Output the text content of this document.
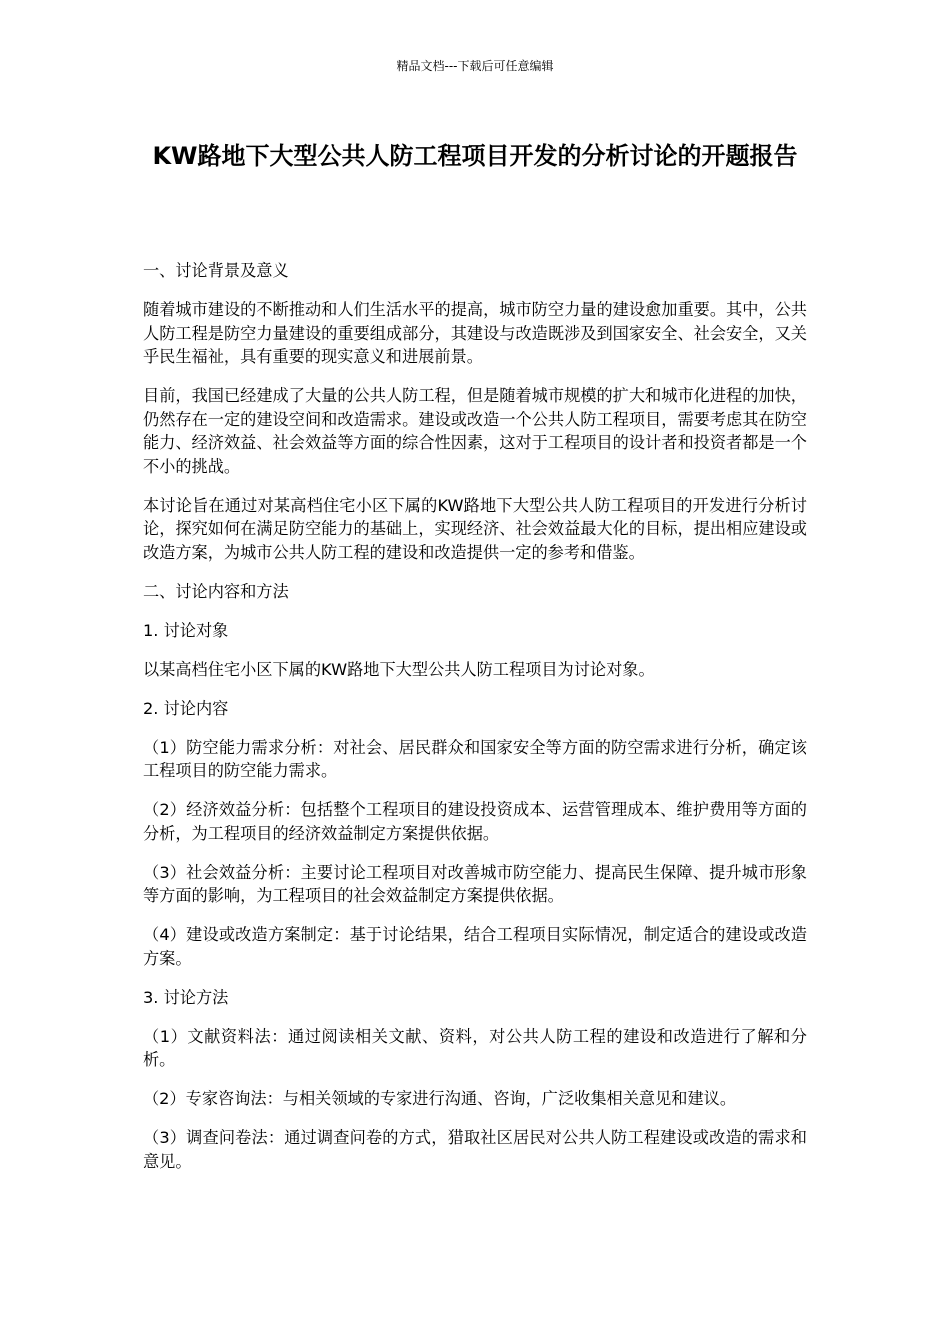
精品文档---下载后可任意编辑
KW路地下大型公共人防工程项目开发的分析讨论的开题报告

一、讨论背景及意义

随着城市建设的不断推动和人们生活水平的提高，城市防空力量的建设愈加重要。其中，公共人防工程是防空力量建设的重要组成部分，其建设与改造既涉及到国家安全、社会安全，又关乎民生福祉，具有重要的现实意义和进展前景。

目前，我国已经建成了大量的公共人防工程，但是随着城市规模的扩大和城市化进程的加快，仍然存在一定的建设空间和改造需求。建设或改造一个公共人防工程项目，需要考虑其在防空能力、经济效益、社会效益等方面的综合性因素，这对于工程项目的设计者和投资者都是一个不小的挑战。

本讨论旨在通过对某高档住宅小区下属的KW路地下大型公共人防工程项目的开发进行分析讨论，探究如何在满足防空能力的基础上，实现经济、社会效益最大化的目标，提出相应建设或改造方案，为城市公共人防工程的建设和改造提供一定的参考和借鉴。

二、讨论内容和方法

1. 讨论对象

以某高档住宅小区下属的KW路地下大型公共人防工程项目为讨论对象。

2. 讨论内容

（1）防空能力需求分析：对社会、居民群众和国家安全等方面的防空需求进行分析，确定该工程项目的防空能力需求。

（2）经济效益分析：包括整个工程项目的建设投资成本、运营管理成本、维护费用等方面的分析，为工程项目的经济效益制定方案提供依据。

（3）社会效益分析：主要讨论工程项目对改善城市防空能力、提高民生保障、提升城市形象等方面的影响，为工程项目的社会效益制定方案提供依据。

（4）建设或改造方案制定：基于讨论结果，结合工程项目实际情况，制定适合的建设或改造方案。

3. 讨论方法

（1）文献资料法：通过阅读相关文献、资料，对公共人防工程的建设和改造进行了解和分析。

（2）专家咨询法：与相关领域的专家进行沟通、咨询，广泛收集相关意见和建议。

（3）调查问卷法：通过调查问卷的方式，猎取社区居民对公共人防工程建设或改造的需求和意见。
